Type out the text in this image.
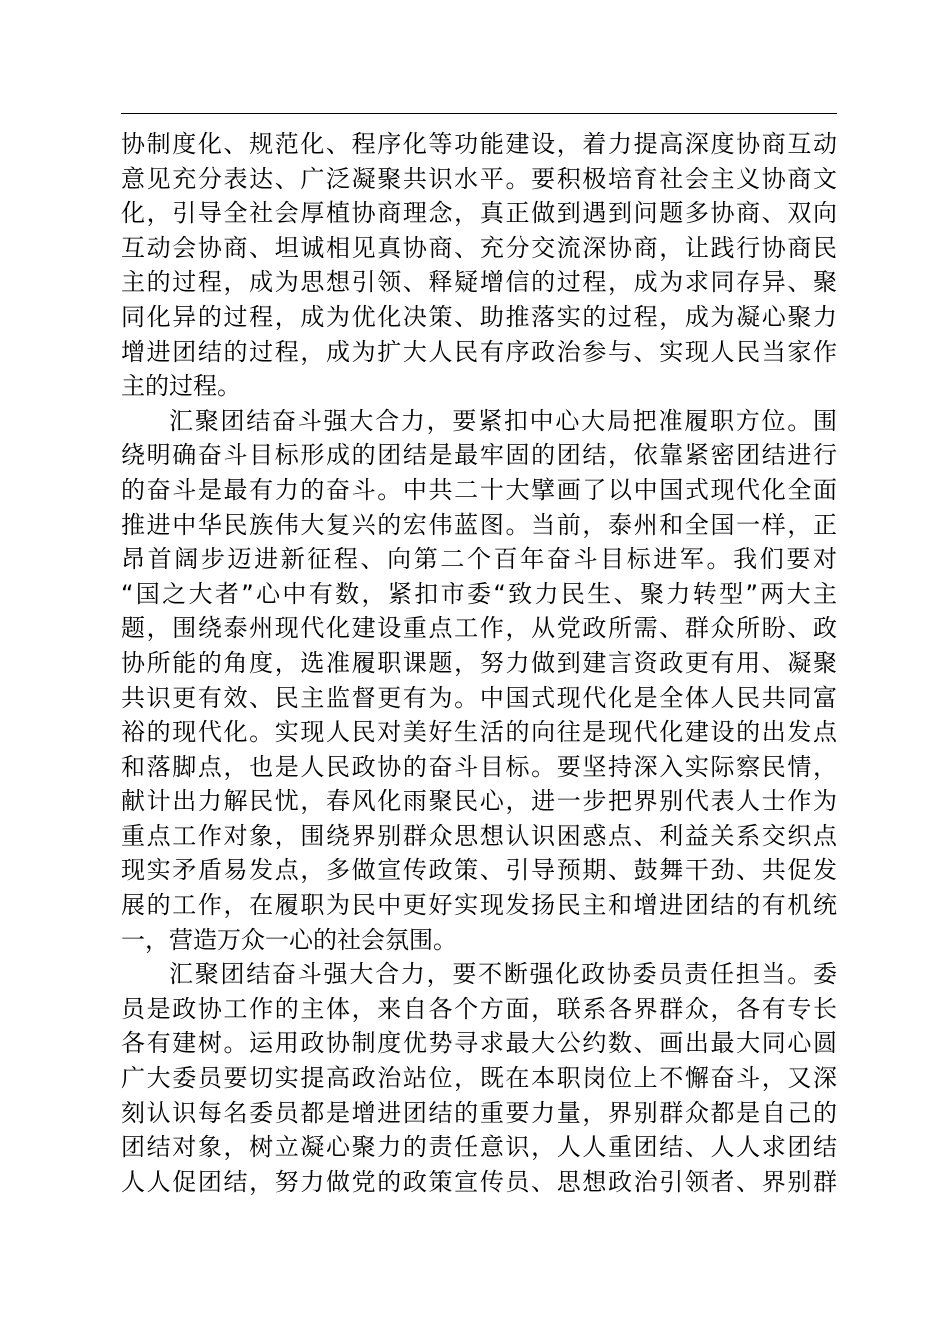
协制度化、规范化、程序化等功能建设，着力提高深度协商互动
意见充分表达、广泛凝聚共识水平。要积极培育社会主义协商文
化，引导全社会厚植协商理念，真正做到遇到问题多协商、双向
互动会协商、坦诚相见真协商、充分交流深协商，让践行协商民
主的过程，成为思想引领、释疑增信的过程，成为求同存异、聚
同化异的过程，成为优化决策、助推落实的过程，成为凝心聚力
增进团结的过程，成为扩大人民有序政治参与、实现人民当家作
主的过程。
汇聚团结奋斗强大合力，要紧扣中心大局把准履职方位。围
绕明确奋斗目标形成的团结是最牢固的团结，依靠紧密团结进行
的奋斗是最有力的奋斗。中共二十大擘画了以中国式现代化全面
推进中华民族伟大复兴的宏伟蓝图。当前，泰州和全国一样，正
昂首阔步迈进新征程、向第二个百年奋斗目标进军。我们要对
“国之大者”心中有数，紧扣市委“致力民生、聚力转型”两大主
题，围绕泰州现代化建设重点工作，从党政所需、群众所盼、政
协所能的角度，选准履职课题，努力做到建言资政更有用、凝聚
共识更有效、民主监督更有为。中国式现代化是全体人民共同富
裕的现代化。实现人民对美好生活的向往是现代化建设的出发点
和落脚点，也是人民政协的奋斗目标。要坚持深入实际察民情，
献计出力解民忧，春风化雨聚民心，进一步把界别代表人士作为
重点工作对象，围绕界别群众思想认识困惑点、利益关系交织点
现实矛盾易发点，多做宣传政策、引导预期、鼓舞干劲、共促发
展的工作，在履职为民中更好实现发扬民主和增进团结的有机统
一，营造万众一心的社会氛围。
汇聚团结奋斗强大合力，要不断强化政协委员责任担当。委
员是政协工作的主体，来自各个方面，联系各界群众，各有专长
各有建树。运用政协制度优势寻求最大公约数、画出最大同心圆
广大委员要切实提高政治站位，既在本职岗位上不懈奋斗，又深
刻认识每名委员都是增进团结的重要力量，界别群众都是自己的
团结对象，树立凝心聚力的责任意识，人人重团结、人人求团结
人人促团结，努力做党的政策宣传员、思想政治引领者、界别群
